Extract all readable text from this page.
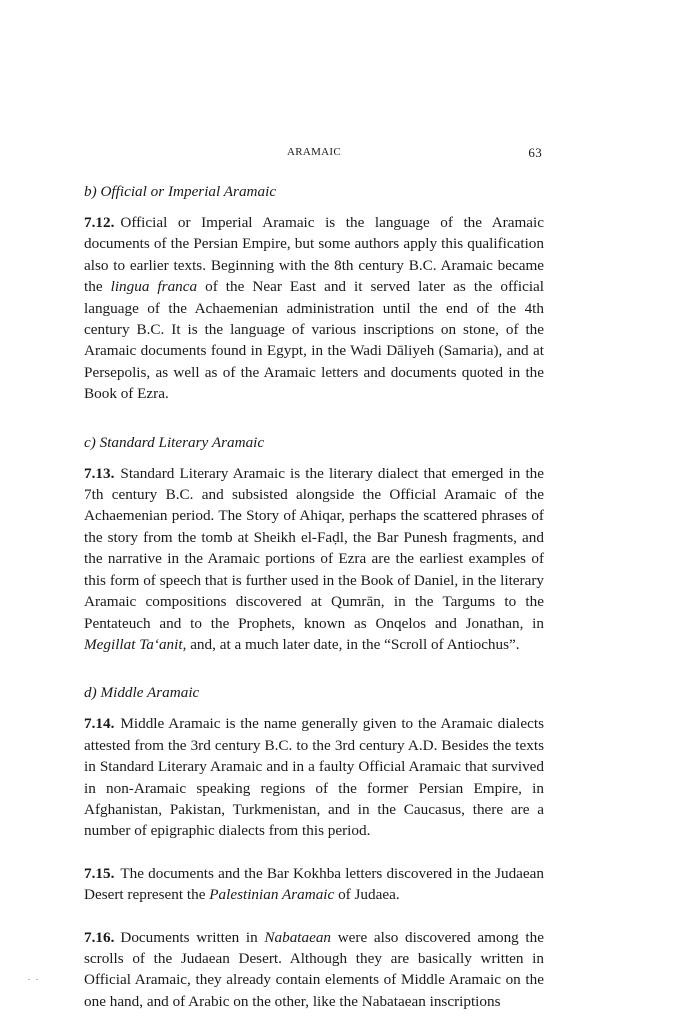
ARAMAIC	63
b) Official or Imperial Aramaic

7.12. Official or Imperial Aramaic is the language of the Aramaic documents of the Persian Empire, but some authors apply this qualification also to earlier texts. Beginning with the 8th century B.C. Aramaic became the lingua franca of the Near East and it served later as the official language of the Achaemenian administration until the end of the 4th century B.C. It is the language of various inscriptions on stone, of the Aramaic documents found in Egypt, in the Wadi Dāliyeh (Samaria), and at Persepolis, as well as of the Aramaic letters and documents quoted in the Book of Ezra.

c) Standard Literary Aramaic

7.13. Standard Literary Aramaic is the literary dialect that emerged in the 7th century B.C. and subsisted alongside the Official Aramaic of the Achaemenian period. The Story of Ahiqar, perhaps the scattered phrases of the story from the tomb at Sheikh el-Faḍl, the Bar Punesh fragments, and the narrative in the Aramaic portions of Ezra are the earliest examples of this form of speech that is further used in the Book of Daniel, in the literary Aramaic compositions discovered at Qumrān, in the Targums to the Pentateuch and to the Prophets, known as Onqelos and Jonathan, in Megillat Ta‘anit, and, at a much later date, in the “Scroll of Antiochus”.

d) Middle Aramaic

7.14. Middle Aramaic is the name generally given to the Aramaic dialects attested from the 3rd century B.C. to the 3rd century A.D. Besides the texts in Standard Literary Aramaic and in a faulty Official Aramaic that survived in non-Aramaic speaking regions of the former Persian Empire, in Afghanistan, Pakistan, Turkmenistan, and in the Caucasus, there are a number of epigraphic dialects from this period.

7.15. The documents and the Bar Kokhba letters discovered in the Judaean Desert represent the Palestinian Aramaic of Judaea.

7.16. Documents written in Nabataean were also discovered among the scrolls of the Judaean Desert. Although they are basically written in Official Aramaic, they already contain elements of Middle Aramaic on the one hand, and of Arabic on the other, like the Nabataean inscriptions

. .
